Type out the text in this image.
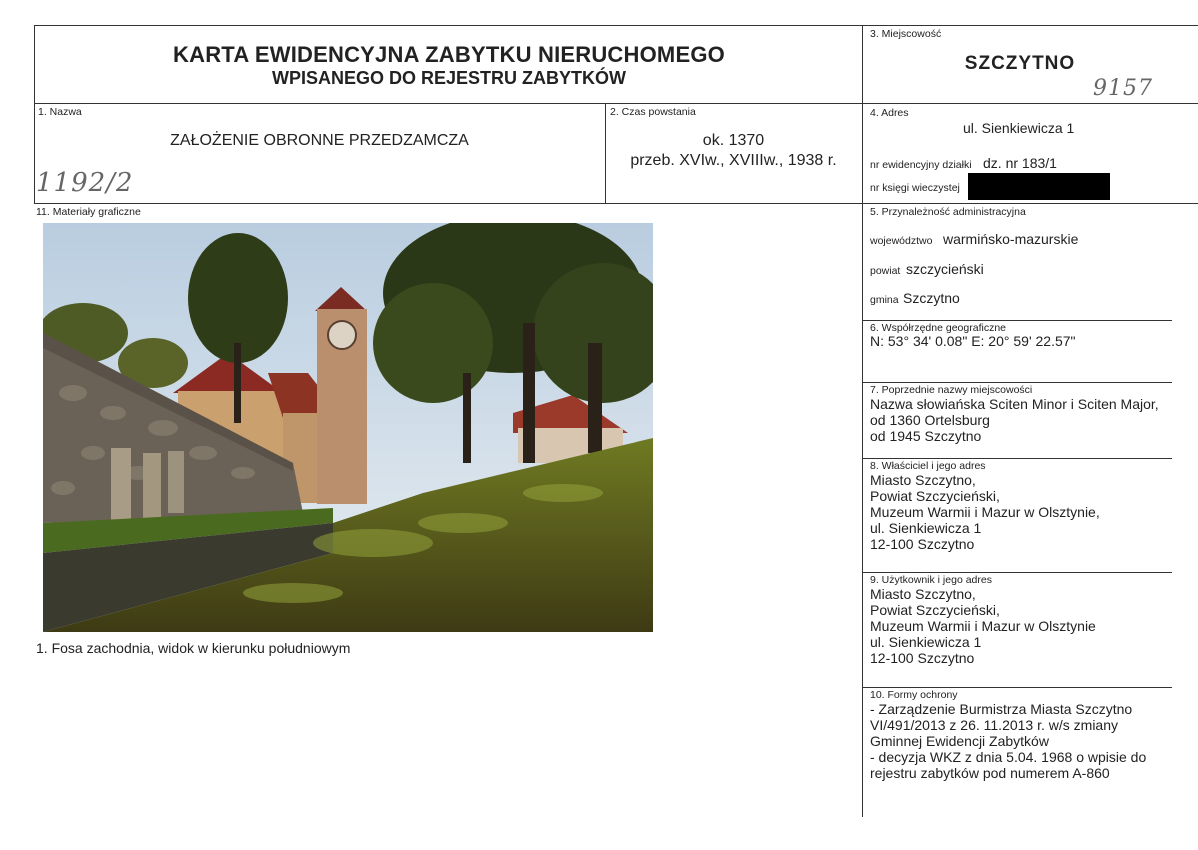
KARTA EWIDENCYJNA ZABYTKU NIERUCHOMEGO
WPISANEGO DO REJESTRU ZABYTKÓW
3. Miejscowość
SZCZYTNO
9157
1. Nazwa
ZAŁOŻENIE OBRONNE PRZEDZAMCZA
1192/2
2. Czas powstania
ok. 1370
przeb. XVIw., XVIIIw., 1938 r.
4. Adres
ul. Sienkiewicza 1
nr ewidencyjny działki dz. nr 183/1
nr księgi wieczystej
11. Materiały graficzne
1. Fosa zachodnia, widok w kierunku południowym
5. Przynależność administracyjna
województwo warmińsko-mazurskie
powiat szczycieński
gmina Szczytno
6. Współrzędne geograficzne
N: 53° 34' 0.08" E: 20° 59' 22.57"
7. Poprzednie nazwy miejscowości
Nazwa słowiańska Sciten Minor i Sciten Major,
od 1360 Ortelsburg
od 1945 Szczytno
8. Właściciel i jego adres
Miasto Szczytno,
Powiat Szczycieński,
Muzeum Warmii i Mazur w Olsztynie,
ul. Sienkiewicza 1
12-100 Szczytno
9. Użytkownik i jego adres
Miasto Szczytno,
Powiat Szczycieński,
Muzeum Warmii i Mazur w Olsztynie
ul. Sienkiewicza 1
12-100 Szczytno
10. Formy ochrony
- Zarządzenie Burmistrza Miasta Szczytno
VI/491/2013 z 26. 11.2013 r. w/s zmiany
Gminnej Ewidencji Zabytków
- decyzja WKZ z dnia 5.04. 1968 o wpisie do
rejestru zabytków pod numerem A-860
